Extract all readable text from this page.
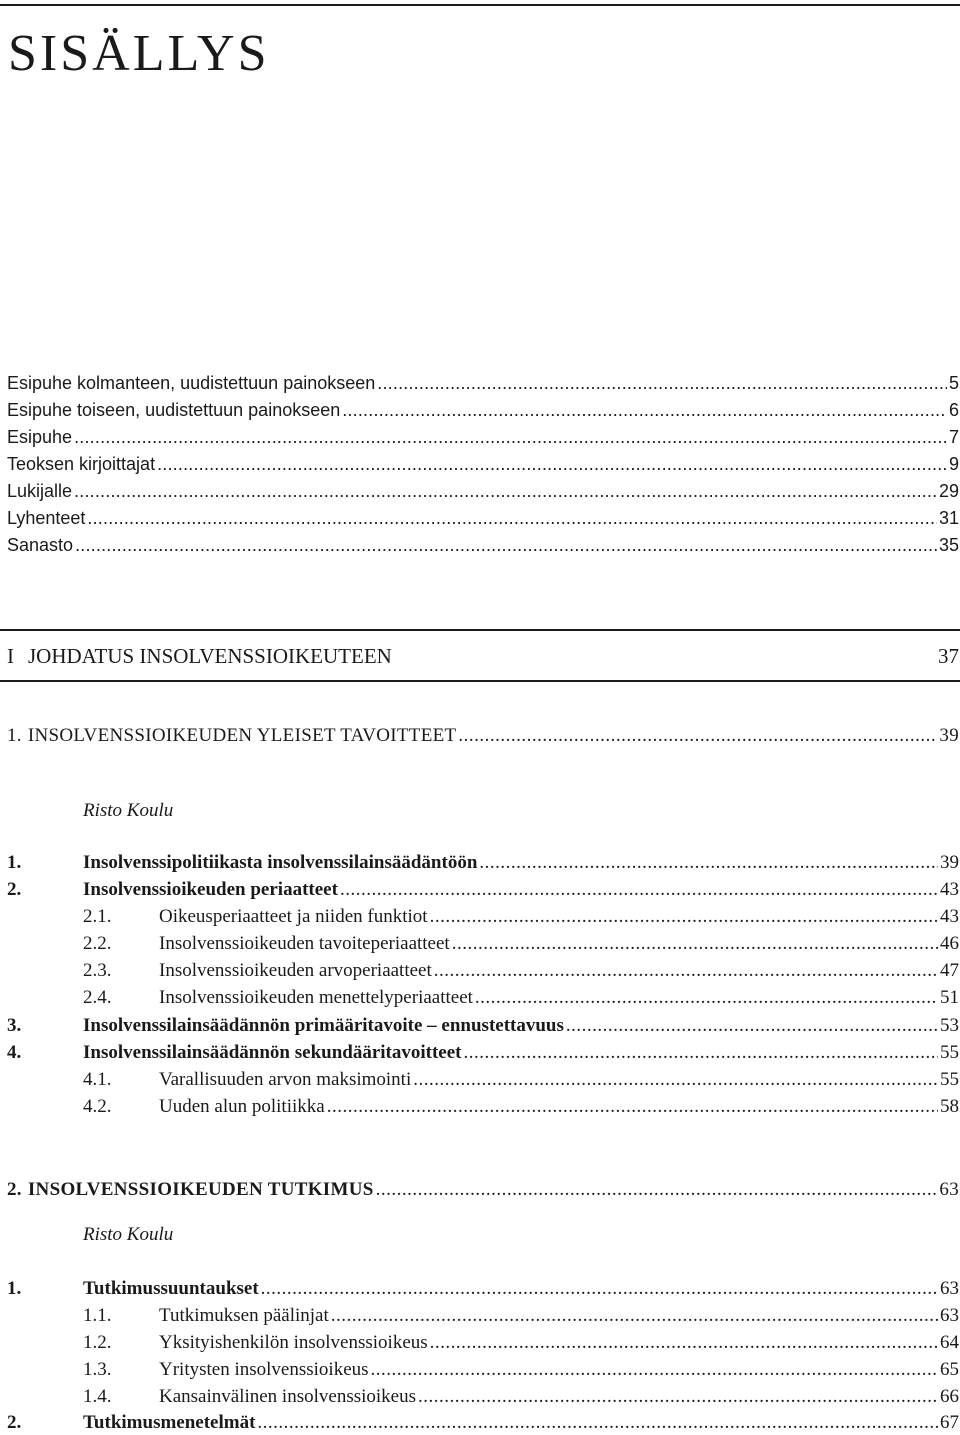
SISÄLLYS
Esipuhe kolmanteen, uudistettuun painokseen .....	5
Esipuhe toiseen, uudistettuun painokseen .....	6
Esipuhe .....	7
Teoksen kirjoittajat .....	9
Lukijalle .....	29
Lyhenteet .....	31
Sanasto .....	35
I JOHDATUS INSOLVENSSIOIKEUTEEN	37
1. INSOLVENSSIOIKEUDEN YLEISET TAVOITTEET .....	39
Risto Koulu
1.	Insolvenssipolitiikasta insolvenssilainsäädäntöön .....	39
2.	Insolvenssioikeuden periaatteet .....	43
2.1.	Oikeusperiaatteet ja niiden funktiot .....	43
2.2.	Insolvenssioikeuden tavoiteperiaatteet .....	46
2.3.	Insolvenssioikeuden arvoperiaatteet .....	47
2.4.	Insolvenssioikeuden menettelyperiaatteet .....	51
3.	Insolvenssilainsäädännön primääritavoite – ennustettavuus .....	53
4.	Insolvenssilainsäädännön sekundääritavoitteet .....	55
4.1.	Varallisuuden arvon maksimointi .....	55
4.2.	Uuden alun politiikka .....	58
2. INSOLVENSSIOIKEUDEN TUTKIMUS .....	63
Risto Koulu
1.	Tutkimussuuntaukset .....	63
1.1.	Tutkimuksen päälinjat .....	63
1.2.	Yksityishenkilön insolvenssioikeus .....	64
1.3.	Yritysten insolvenssioikeus .....	65
1.4.	Kansainvälinen insolvenssioikeus .....	66
2.	Tutkimusmenetelmät .....	67
